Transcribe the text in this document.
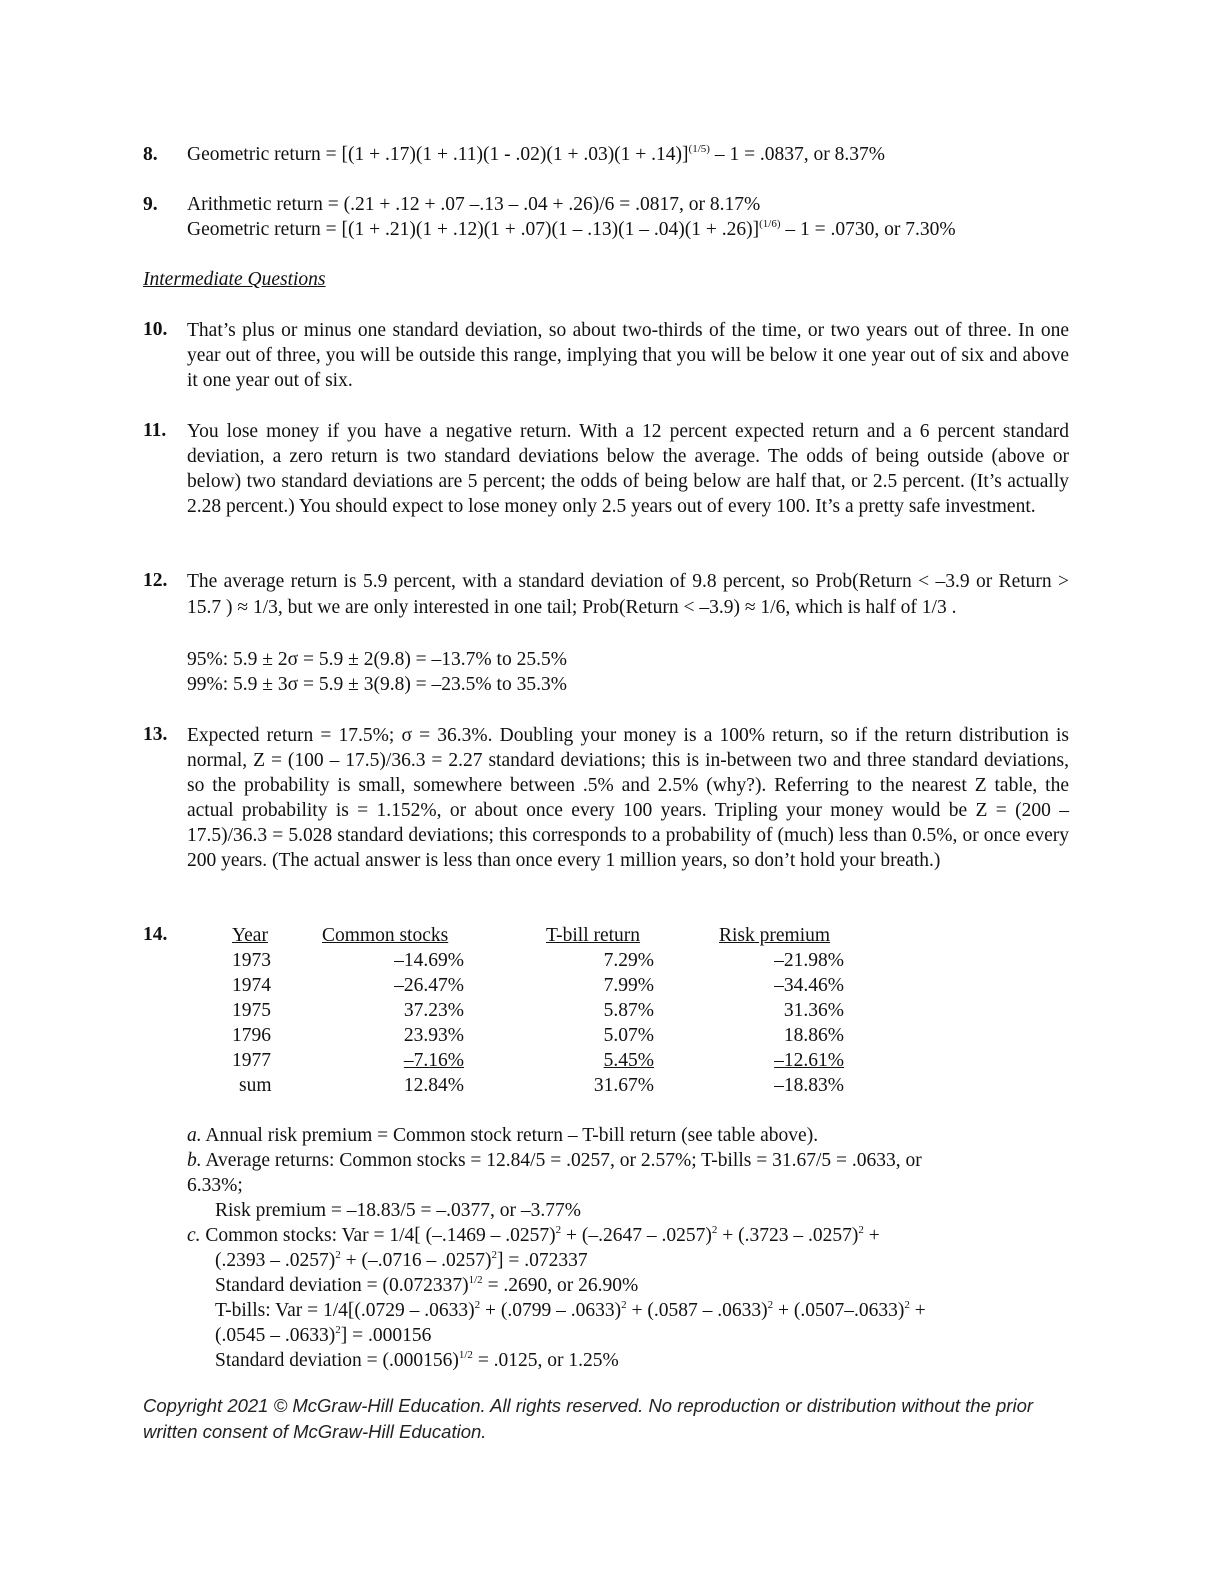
8. Geometric return = $[(1 + .17)(1 + .11)(1 - .02)(1 + .03)(1 + .14)]^{(1/5)} - 1 = .0837$, or 8.37%
9. Arithmetic return = (.21 + .12 + .07 –.13 – .04 + .26)/6 = .0817, or 8.17%
Geometric return = $[(1 + .21)(1 + .12)(1 + .07)(1 - .13)(1 - .04)(1 + .26)]^{(1/6)} - 1 = .0730$, or 7.30%
Intermediate Questions
10. That’s plus or minus one standard deviation, so about two-thirds of the time, or two years out of three. In one year out of three, you will be outside this range, implying that you will be below it one year out of six and above it one year out of six.
11. You lose money if you have a negative return. With a 12 percent expected return and a 6 percent standard deviation, a zero return is two standard deviations below the average. The odds of being outside (above or below) two standard deviations are 5 percent; the odds of being below are half that, or 2.5 percent. (It’s actually 2.28 percent.) You should expect to lose money only 2.5 years out of every 100. It’s a pretty safe investment.
12. The average return is 5.9 percent, with a standard deviation of 9.8 percent, so Prob(Return < –3.9 or Return > 15.7 ) ≈ 1/3, but we are only interested in one tail; Prob(Return < –3.9) ≈ 1/6, which is half of 1/3 .
95%: 5.9 ± 2σ = 5.9 ± 2(9.8) = –13.7% to 25.5%
99%: 5.9 ± 3σ = 5.9 ± 3(9.8) = –23.5% to 35.3%
13. Expected return = 17.5%; σ = 36.3%. Doubling your money is a 100% return, so if the return distribution is normal, Z = (100 – 17.5)/36.3 = 2.27 standard deviations; this is in-between two and three standard deviations, so the probability is small, somewhere between .5% and 2.5% (why?). Referring to the nearest Z table, the actual probability is = 1.152%, or about once every 100 years. Tripling your money would be Z = (200 – 17.5)/36.3 = 5.028 standard deviations; this corresponds to a probability of (much) less than 0.5%, or once every 200 years. (The actual answer is less than once every 1 million years, so don’t hold your breath.)
14.	Year	Common stocks	T-bill return	Risk premium
1973	–14.69%	7.29%	–21.98%
1974	–26.47%	7.99%	–34.46%
1975	37.23%	5.87%	31.36%
1796	23.93%	5.07%	18.86%
1977	–7.16%	5.45%	–12.61%
sum	12.84%	31.67%	–18.83%
a. Annual risk premium = Common stock return – T-bill return (see table above).
b. Average returns: Common stocks = 12.84/5 = .0257, or 2.57%; T-bills = 31.67/5 = .0633, or
6.33%;
Risk premium = –18.83/5 = –.0377, or –3.77%
c. Common stocks: Var = 1/4[ (–.1469 – .0257)$^2$ + (–.2647 – .0257)$^2$ + (.3723 – .0257)$^2$ +
(.2393 – .0257)$^2$ + (–.0716 – .0257)$^2$] = .072337
Standard deviation = $(0.072337)^{1/2} = .2690$, or 26.90%
T-bills: Var = $1/4[(.0729 - .0633)^2 + (.0799 - .0633)^2 + (.0587 - .0633)^2 + (.0507-.0633)^2$ +
(.0545 – .0633)$^2$] = .000156
Standard deviation = $(.000156)^{1/2} = .0125$, or 1.25%
Copyright 2021 © McGraw-Hill Education. All rights reserved. No reproduction or distribution without the prior written consent of McGraw-Hill Education.
